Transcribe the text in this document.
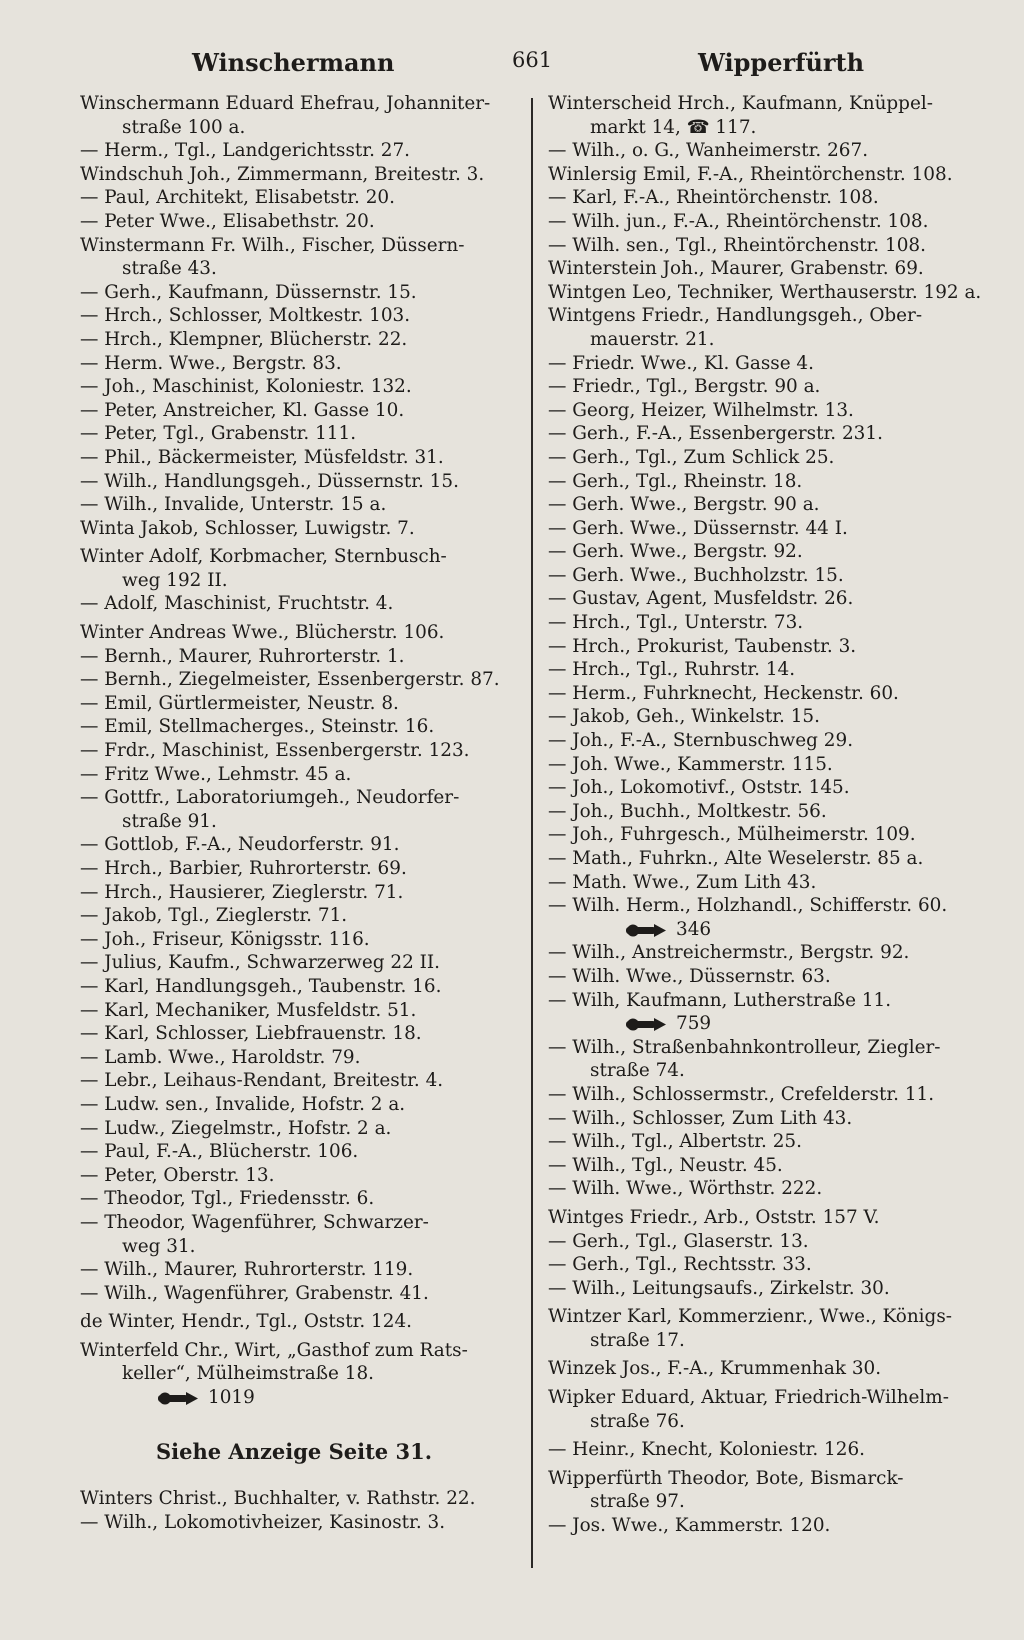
Winschermann	661	Wipperfürth
Winschermann Eduard Ehefrau, Johanniter-
straße 100 a.
— Herm., Tgl., Landgerichtsstr. 27.
Windschuh Joh., Zimmermann, Breitestr. 3.
— Paul, Architekt, Elisabetstr. 20.
— Peter Wwe., Elisabethstr. 20.
Winstermann Fr. Wilh., Fischer, Düssern-
straße 43.
— Gerh., Kaufmann, Düssernstr. 15.
— Hrch., Schlosser, Moltkestr. 103.
— Hrch., Klempner, Blücherstr. 22.
— Herm. Wwe., Bergstr. 83.
— Joh., Maschinist, Koloniestr. 132.
— Peter, Anstreicher, Kl. Gasse 10.
— Peter, Tgl., Grabenstr. 111.
— Phil., Bäckermeister, Müsfeldstr. 31.
— Wilh., Handlungsgeh., Düssernstr. 15.
— Wilh., Invalide, Unterstr. 15 a.
Winta Jakob, Schlosser, Luwigstr. 7.
Winter Adolf, Korbmacher, Sternbusch-
weg 192 II.
— Adolf, Maschinist, Fruchtstr. 4.
Winter Andreas Wwe., Blücherstr. 106.
— Bernh., Maurer, Ruhrorterstr. 1.
— Bernh., Ziegelmeister, Essenbergerstr. 87.
— Emil, Gürtlermeister, Neustr. 8.
— Emil, Stellmacherges., Steinstr. 16.
— Frdr., Maschinist, Essenbergerstr. 123.
— Fritz Wwe., Lehmstr. 45 a.
— Gottfr., Laboratoriumgeh., Neudorfer-
straße 91.
— Gottlob, F.-A., Neudorferstr. 91.
— Hrch., Barbier, Ruhrorterstr. 69.
— Hrch., Hausierer, Zieglerstr. 71.
— Jakob, Tgl., Zieglerstr. 71.
— Joh., Friseur, Königsstr. 116.
— Julius, Kaufm., Schwarzerweg 22 II.
— Karl, Handlungsgeh., Taubenstr. 16.
— Karl, Mechaniker, Musfeldstr. 51.
— Karl, Schlosser, Liebfrauenstr. 18.
— Lamb. Wwe., Haroldstr. 79.
— Lebr., Leihaus-Rendant, Breitestr. 4.
— Ludw. sen., Invalide, Hofstr. 2 a.
— Ludw., Ziegelmstr., Hofstr. 2 a.
— Paul, F.-A., Blücherstr. 106.
— Peter, Oberstr. 13.
— Theodor, Tgl., Friedensstr. 6.
— Theodor, Wagenführer, Schwarzer-
weg 31.
— Wilh., Maurer, Ruhrorterstr. 119.
— Wilh., Wagenführer, Grabenstr. 41.
de Winter, Hendr., Tgl., Oststr. 124.
Winterfeld Chr., Wirt, „Gasthof zum Rats-
keller“, Mülheimstraße 18.
1019
Siehe Anzeige Seite 31.
Winters Christ., Buchhalter, v. Rathstr. 22.
— Wilh., Lokomotivheizer, Kasinostr. 3.
Winterscheid Hrch., Kaufmann, Knüppel-
markt 14, ☎ 117.
— Wilh., o. G., Wanheimerstr. 267.
Winlersig Emil, F.-A., Rheintörchenstr. 108.
— Karl, F.-A., Rheintörchenstr. 108.
— Wilh. jun., F.-A., Rheintörchenstr. 108.
— Wilh. sen., Tgl., Rheintörchenstr. 108.
Winterstein Joh., Maurer, Grabenstr. 69.
Wintgen Leo, Techniker, Werthauserstr. 192 a.
Wintgens Friedr., Handlungsgeh., Ober-
mauerstr. 21.
— Friedr. Wwe., Kl. Gasse 4.
— Friedr., Tgl., Bergstr. 90 a.
— Georg, Heizer, Wilhelmstr. 13.
— Gerh., F.-A., Essenbergerstr. 231.
— Gerh., Tgl., Zum Schlick 25.
— Gerh., Tgl., Rheinstr. 18.
— Gerh. Wwe., Bergstr. 90 a.
— Gerh. Wwe., Düssernstr. 44 I.
— Gerh. Wwe., Bergstr. 92.
— Gerh. Wwe., Buchholzstr. 15.
— Gustav, Agent, Musfeldstr. 26.
— Hrch., Tgl., Unterstr. 73.
— Hrch., Prokurist, Taubenstr. 3.
— Hrch., Tgl., Ruhrstr. 14.
— Herm., Fuhrknecht, Heckenstr. 60.
— Jakob, Geh., Winkelstr. 15.
— Joh., F.-A., Sternbuschweg 29.
— Joh. Wwe., Kammerstr. 115.
— Joh., Lokomotivf., Oststr. 145.
— Joh., Buchh., Moltkestr. 56.
— Joh., Fuhrgesch., Mülheimerstr. 109.
— Math., Fuhrkn., Alte Weselerstr. 85 a.
— Math. Wwe., Zum Lith 43.
— Wilh. Herm., Holzhandl., Schifferstr. 60.
346
— Wilh., Anstreichermstr., Bergstr. 92.
— Wilh. Wwe., Düssernstr. 63.
— Wilh, Kaufmann, Lutherstraße 11.
759
— Wilh., Straßenbahnkontrolleur, Ziegler-
straße 74.
— Wilh., Schlossermstr., Crefelderstr. 11.
— Wilh., Schlosser, Zum Lith 43.
— Wilh., Tgl., Albertstr. 25.
— Wilh., Tgl., Neustr. 45.
— Wilh. Wwe., Wörthstr. 222.
Wintges Friedr., Arb., Oststr. 157 V.
— Gerh., Tgl., Glaserstr. 13.
— Gerh., Tgl., Rechtsstr. 33.
— Wilh., Leitungsaufs., Zirkelstr. 30.
Wintzer Karl, Kommerzienr., Wwe., Königs-
straße 17.
Winzek Jos., F.-A., Krummenhak 30.
Wipker Eduard, Aktuar, Friedrich-Wilhelm-
straße 76.
— Heinr., Knecht, Koloniestr. 126.
Wipperfürth Theodor, Bote, Bismarck-
straße 97.
— Jos. Wwe., Kammerstr. 120.
